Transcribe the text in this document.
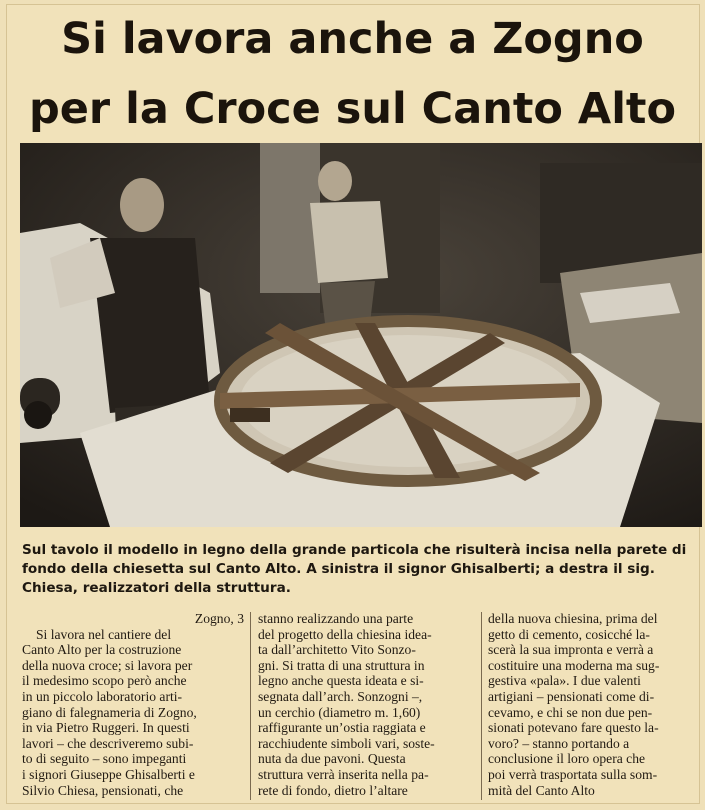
Si lavora anche a Zogno
per la Croce sul Canto Alto

Sul tavolo il modello in legno della grande particola che risulterà incisa nella parete di

fondo della chiesetta sul Canto Alto. A sinistra il signor Ghisalberti; a destra il sig.

Chiesa, realizzatori della struttura.

Zogno, 3

Si lavora nel cantiere del

Canto Alto per la costruzione

della nuova croce; si lavora per

il medesimo scopo però anche

in un piccolo laboratorio arti-

giano di falegnameria di Zogno,

in via Pietro Ruggeri. In questi

lavori – che descriveremo subi-

to di seguito – sono impeganti

i signori Giuseppe Ghisalberti e

Silvio Chiesa, pensionati, che

stanno realizzando una parte

del progetto della chiesina idea-

ta dall’architetto Vito Sonzo-

gni. Si tratta di una struttura in

legno anche questa ideata e si-

segnata dall’arch. Sonzogni –,

un cerchio (diametro m. 1,60)

raffigurante un’ostia raggiata e

racchiudente simboli vari, soste-

nuta da due pavoni. Questa

struttura verrà inserita nella pa-

rete di fondo, dietro l’altare

della nuova chiesina, prima del

getto di cemento, cosicché la-

scerà la sua impronta e verrà a

costituire una moderna ma sug-

gestiva «pala». I due valenti

artigiani – pensionati come di-

cevamo, e chi se non due pen-

sionati potevano fare questo la-

voro? – stanno portando a

conclusione il loro opera che

poi verrà trasportata sulla som-

mità del Canto Alto
